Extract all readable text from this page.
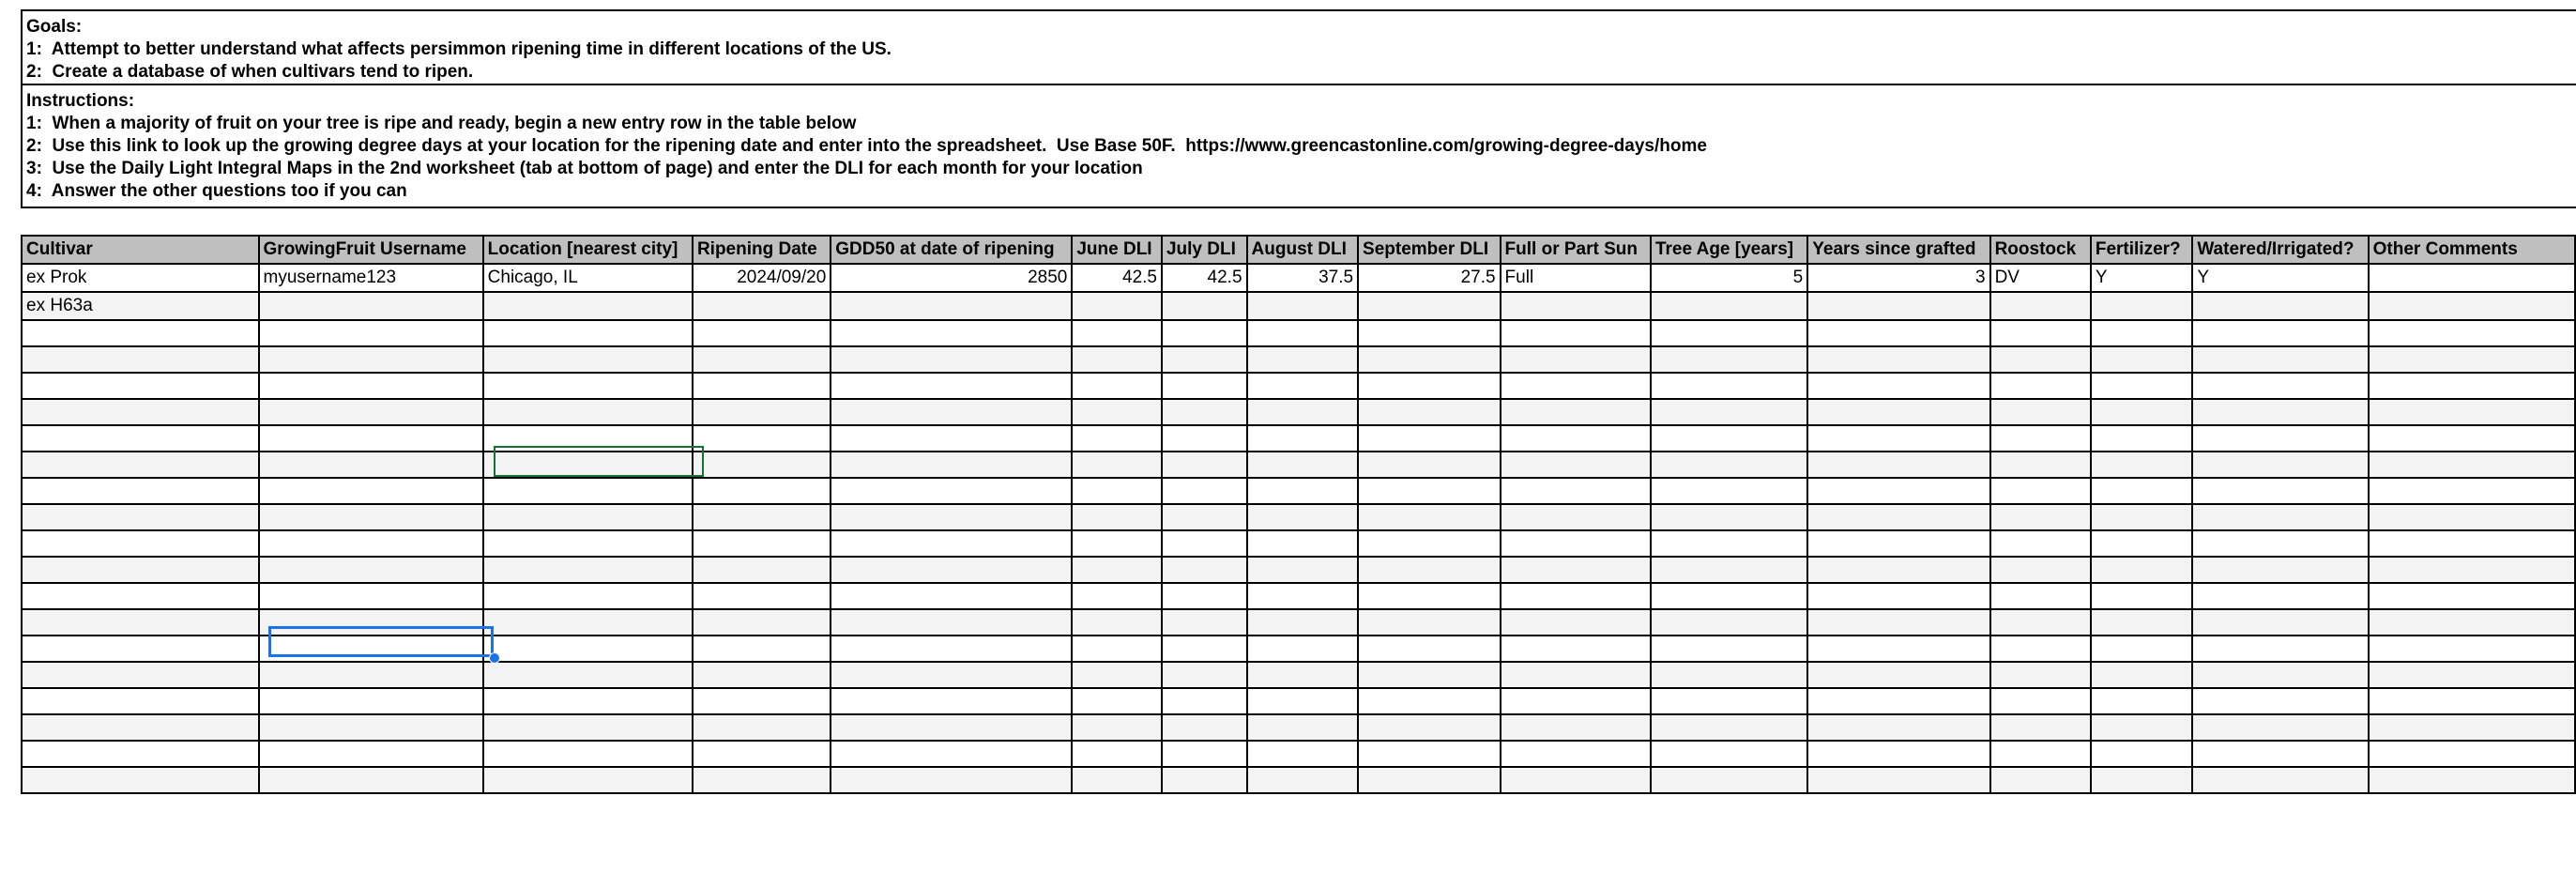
Goals:
1:  Attempt to better understand what affects persimmon ripening time in different locations of the US.
2:  Create a database of when cultivars tend to ripen.
Instructions:
1:  When a majority of fruit on your tree is ripe and ready, begin a new entry row in the table below
2:  Use this link to look up the growing degree days at your location for the ripening date and enter into the spreadsheet.  Use Base 50F.  https://www.greencastonline.com/growing-degree-days/home
3:  Use the Daily Light Integral Maps in the 2nd worksheet (tab at bottom of page) and enter the DLI for each month for your location
4:  Answer the other questions too if you can
Cultivar	GrowingFruit Username	Location [nearest city]	Ripening Date	GDD50 at date of ripening	June DLI	July DLI	August DLI	September DLI	Full or Part Sun	Tree Age [years]	Years since grafted	Roostock	Fertilizer?	Watered/Irrigated?	Other Comments
ex Prok	myusername123	Chicago, IL	2024/09/20	2850	42.5	42.5	37.5	27.5	Full	5	3	DV	Y	Y	
ex H63a															
